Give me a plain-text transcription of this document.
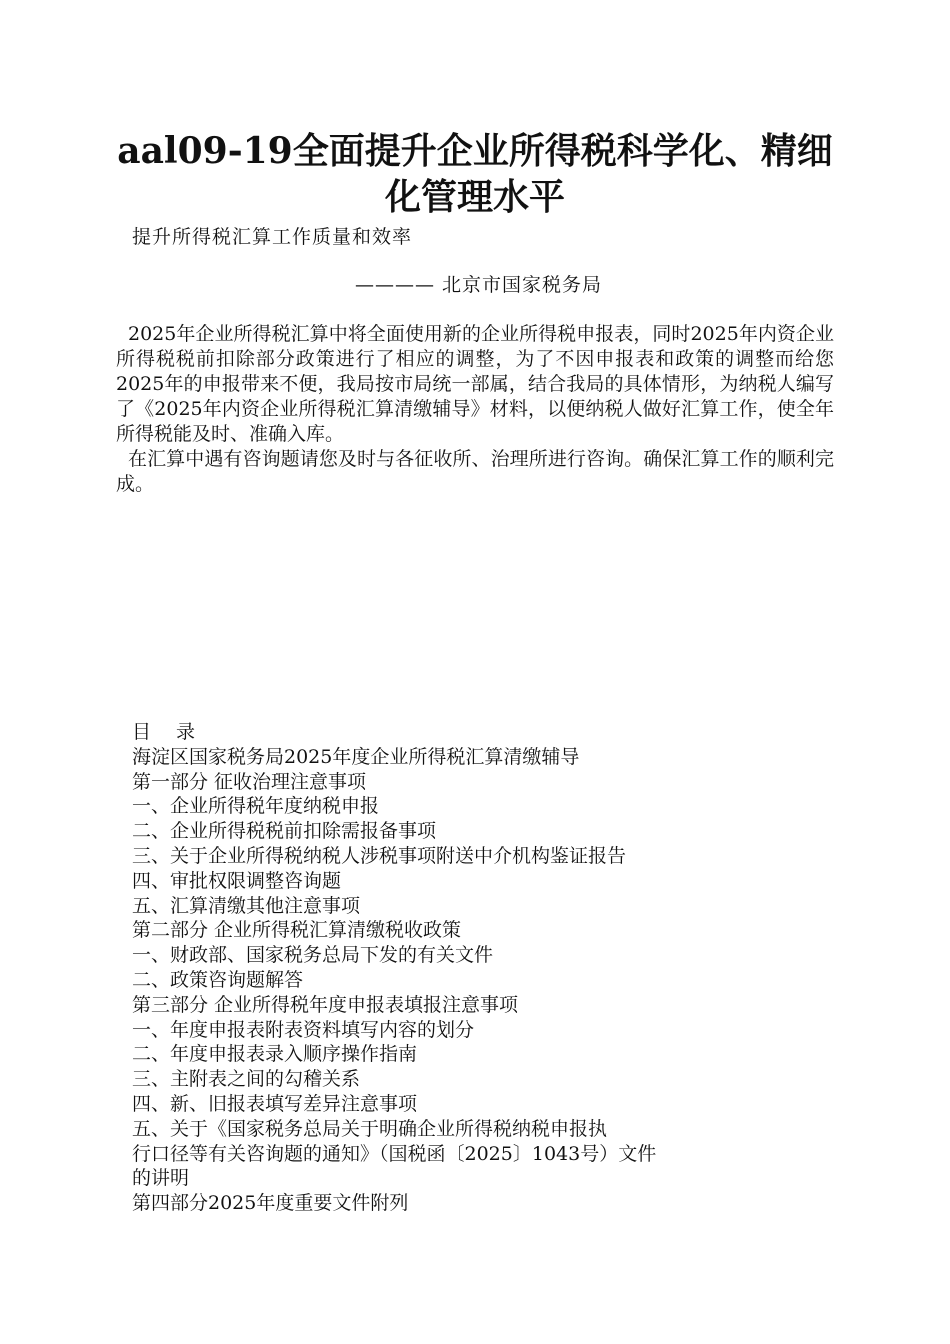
aal09-19全面提升企业所得税科学化、精细化管理水平
提升所得税汇算工作质量和效率
———— 北京市国家税务局

2025年企业所得税汇算中将全面使用新的企业所得税申报表，同时2025年内资企业所得税税前扣除部分政策进行了相应的调整，为了不因申报表和政策的调整而给您2025年的申报带来不便，我局按市局统一部属，结合我局的具体情形，为纳税人编写了《2025年内资企业所得税汇算清缴辅导》材料，以便纳税人做好汇算工作，使全年所得税能及时、准确入库。

在汇算中遇有咨询题请您及时与各征收所、治理所进行咨询。确保汇算工作的顺利完成。

目　 录
海淀区国家税务局2025年度企业所得税汇算清缴辅导
第一部分 征收治理注意事项
一、企业所得税年度纳税申报
二、企业所得税税前扣除需报备事项
三、关于企业所得税纳税人涉税事项附送中介机构鉴证报告
四、审批权限调整咨询题
五、汇算清缴其他注意事项
第二部分 企业所得税汇算清缴税收政策
一、财政部、国家税务总局下发的有关文件
二、政策咨询题解答
第三部分 企业所得税年度申报表填报注意事项
一、年度申报表附表资料填写内容的划分
二、年度申报表录入顺序操作指南
三、主附表之间的勾稽关系
四、新、旧报表填写差异注意事项
五、关于《国家税务总局关于明确企业所得税纳税申报执
行口径等有关咨询题的通知》（国税函〔2025〕1043号）文件
的讲明
第四部分2025年度重要文件附列
